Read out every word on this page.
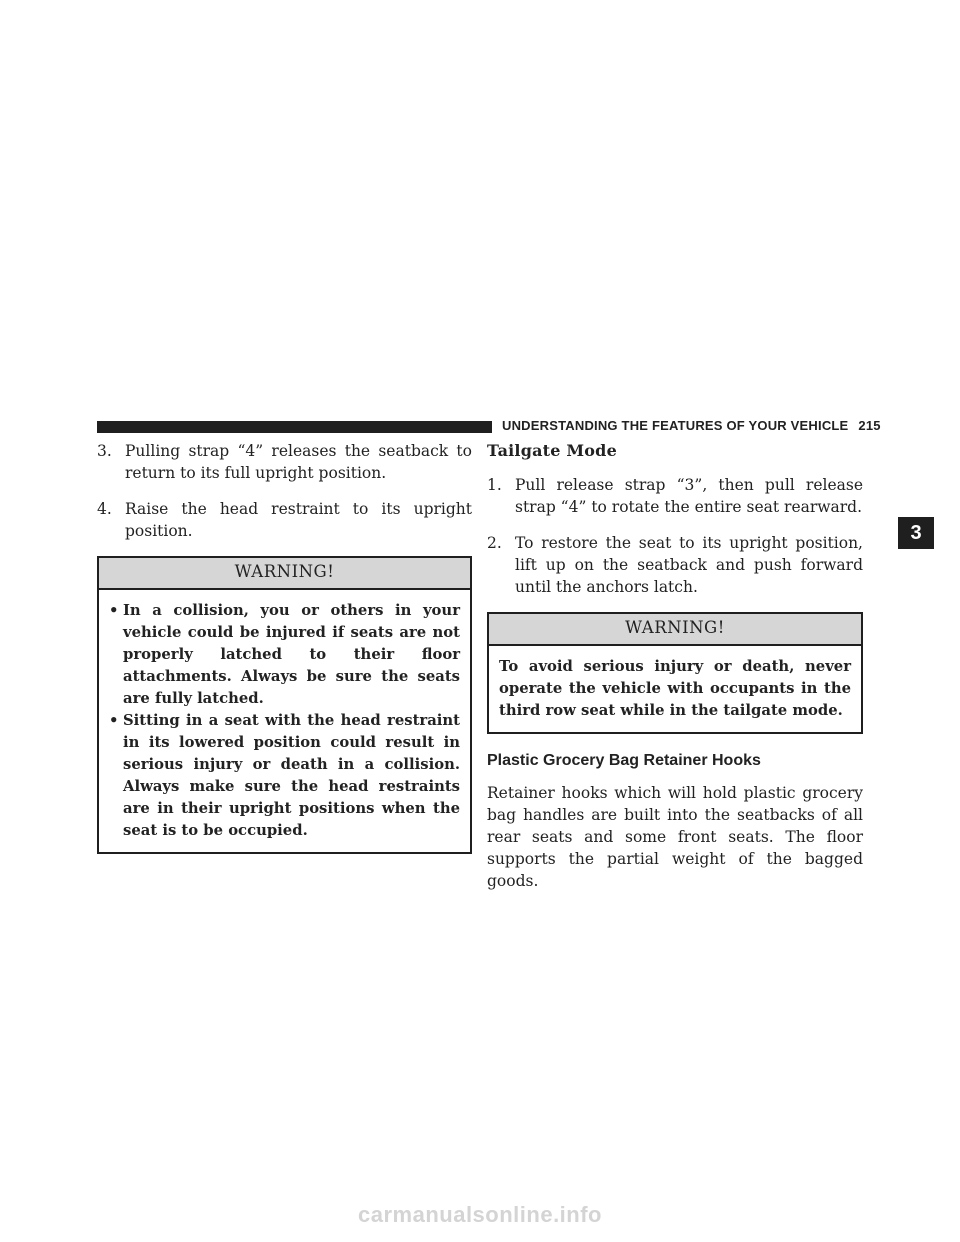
UNDERSTANDING THE FEATURES OF YOUR VEHICLE 215
3

3. Pulling strap “4” releases the seatback to return to its full upright position.

4. Raise the head restraint to its upright position.

WARNING!
• In a collision, you or others in your vehicle could be injured if seats are not properly latched to their floor attachments. Always be sure the seats are fully latched.
• Sitting in a seat with the head restraint in its lowered position could result in serious injury or death in a collision. Always make sure the head restraints are in their upright positions when the seat is to be occupied.

Tailgate Mode

1. Pull release strap “3”, then pull release strap “4” to rotate the entire seat rearward.

2. To restore the seat to its upright position, lift up on the seatback and push forward until the anchors latch.

WARNING!

To avoid serious injury or death, never operate the vehicle with occupants in the third row seat while in the tailgate mode.

Plastic Grocery Bag Retainer Hooks

Retainer hooks which will hold plastic grocery bag handles are built into the seatbacks of all rear seats and some front seats. The floor supports the partial weight of the bagged goods.

carmanualsonline.info
